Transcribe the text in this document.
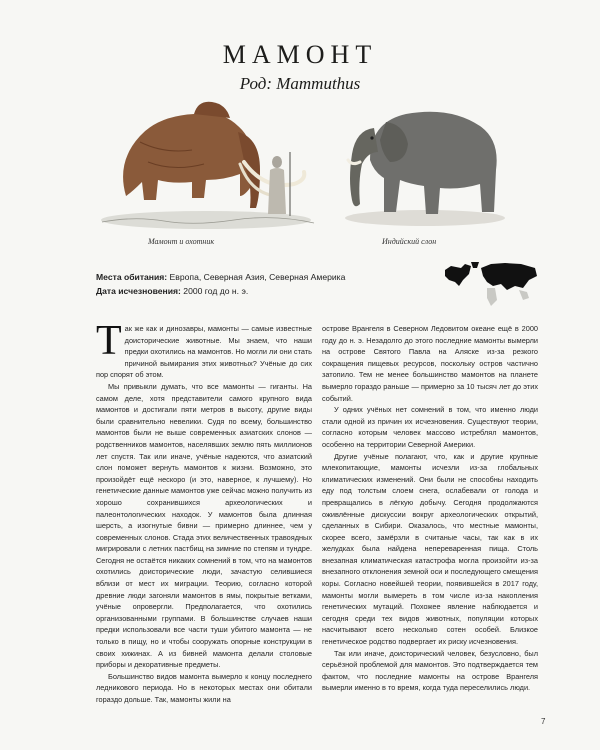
МАМОНТ
Род: Mammuthus
Мамонт и охотник	Индийский слон
Места обитания: Европа, Северная Азия, Северная Америка
Дата исчезновения: 2000 год до н. э.

Так же как и динозавры, мамонты — самые известные доисторические животные. Мы знаем, что наши предки охотились на мамонтов. Но могли ли они стать причиной вымирания этих животных? Учёные до сих пор спорят об этом.

Мы привыкли думать, что все мамонты — гиганты. На самом деле, хотя представители самого крупного вида мамонтов и достигали пяти метров в высоту, другие виды были сравнительно невелики. Судя по всему, большинство мамонтов были не выше современных азиатских слонов — родственников мамонтов, населявших землю пять миллионов лет спустя. Так или иначе, учёные надеются, что азиатский слон поможет вернуть мамонтов к жизни. Возможно, это произойдёт ещё нескоро (и это, наверное, к лучшему). Но генетические данные мамонтов уже сейчас можно получить из хорошо сохранившихся археологических и палеонтологических находок. У мамонтов была длинная шерсть, а изогнутые бивни — примерно длиннее, чем у современных слонов. Стада этих величественных травоядных мигрировали с летних пастбищ на зимние по степям и тундре. Сегодня не остаётся никаких сомнений в том, что на мамонтов охотились доисторические люди, зачастую селившиеся вблизи от мест их миграции. Теорию, согласно которой древние люди загоняли мамонтов в ямы, покрытые ветками, учёные опровергли. Предполагается, что охотились организованными группами. В большинстве случаев наши предки использовали все части туши убитого мамонта — не только в пищу, но и чтобы сооружать опорные конструкции в своих хижинах. А из бивней мамонта делали столовые приборы и декоративные предметы.

Большинство видов мамонта вымерло к концу последнего ледникового периода. Но в некоторых местах они обитали гораздо дольше. Так, мамонты жили на

острове Врангеля в Северном Ледовитом океане ещё в 2000 году до н. э. Незадолго до этого последние мамонты вымерли на острове Святого Павла на Аляске из-за резкого сокращения пищевых ресурсов, поскольку остров частично затопило. Тем не менее большинство мамонтов на планете вымерло гораздо раньше — примерно за 10 тысяч лет до этих событий.

У одних учёных нет сомнений в том, что именно люди стали одной из причин их исчезновения. Существуют теории, согласно которым человек массово истреблял мамонтов, особенно на территории Северной Америки.

Другие учёные полагают, что, как и другие крупные млекопитающие, мамонты исчезли из-за глобальных климатических изменений. Они были не способны находить еду под толстым слоем снега, ослабевали от голода и превращались в лёгкую добычу. Сегодня продолжаются оживлённые дискуссии вокруг археологических открытий, сделанных в Сибири. Оказалось, что местные мамонты, скорее всего, замёрзли в считаные часы, так как в их желудках была найдена непереваренная пища. Столь внезапная климатическая катастрофа могла произойти из-за внезапного отклонения земной оси и последующего смещения коры. Согласно новейшей теории, появившейся в 2017 году, мамонты могли вымереть в том числе из-за накопления генетических мутаций. Похожее явление наблюдается и сегодня среди тех видов животных, популяции которых насчитывают всего несколько сотен особей. Близкое генетическое родство подвергает их риску исчезновения.

Так или иначе, доисторический человек, безусловно, был серьёзной проблемой для мамонтов. Это подтверждается тем фактом, что последние мамонты на острове Врангеля вымерли именно в то время, когда туда переселились люди.

7
